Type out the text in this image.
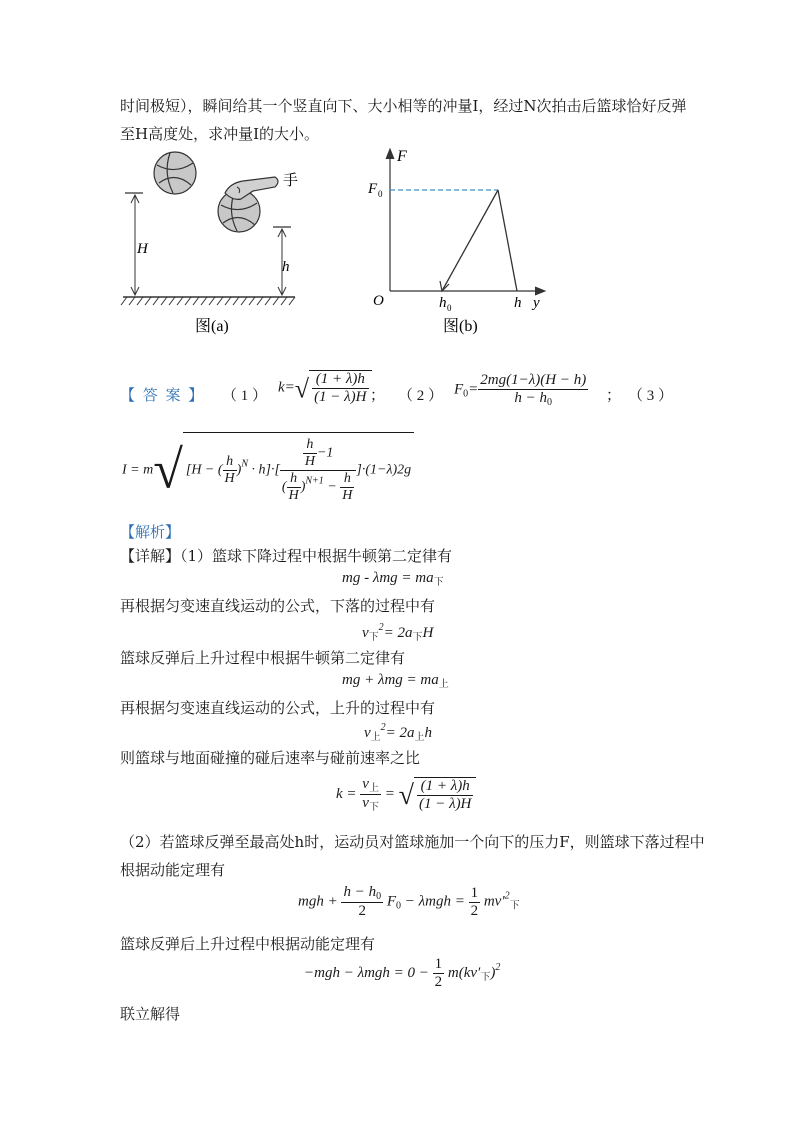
时间极短），瞬间给其一个竖直向下、大小相等的冲量I，经过N次拍击后篮球恰好反弹
至H高度处，求冲量I的大小。
手
H
h
图(a)
F
y
O
F 0
h 0	h
图(b)
【 答 案 】 （ 1 ）
$k=√ \frac{(1 + \lambda)h}{(1 - \lambda)H}$
； （ 2 ） $F_0= \frac{2mg(1-\lambda)(H - h)}{h - h_0}$ ； （ 3 ）
I = m√ [H − ( $\frac{h}{H} )^N \cdot h]\cdot[ \frac{\frac{h}{H} -1}{( \frac{h}{H} )^{N+1} - \frac{h}{H}} ]\cdot(1-\lambda)2g$
【解析】
【详解】（1）篮球下降过程中根据牛顿第二定律有
mg - $\lambda mg = ma_下$
再根据匀变速直线运动的公式，下落的过程中有
$v_下^2= 2a_下H$
篮球反弹后上升过程中根据牛顿第二定律有
mg + $\lambda mg = ma_上$
再根据匀变速直线运动的公式，上升的过程中有
$v_上^2= 2a_上h$
则篮球与地面碰撞的碰后速率与碰前速率之比
$k = \frac{v_上}{v_下}$ = √ $\frac{(1 + \lambda)h}{(1 - \lambda)H}$
（2）若篮球反弹至最高处h时，运动员对篮球施加一个向下的压力F，则篮球下落过程中
根据动能定理有
mgh + $\frac{h - h_0}{2} F_0 - \lambda mgh = \frac{1}{2} mv'^2_下$
篮球反弹后上升过程中根据动能定理有
$-mgh - \lambda mgh = 0 - \frac{1}{2} m(kv'_下)^2$
联立解得
